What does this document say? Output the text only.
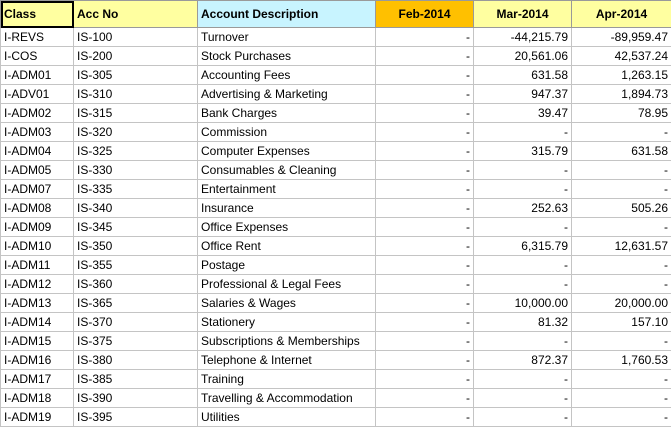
Class	Acc No	Account Description	Feb-2014	Mar-2014	Apr-2014
I-REVS	IS-100	Turnover	-	-44,215.79	-89,959.47
I-COS	IS-200	Stock Purchases	-	20,561.06	42,537.24
I-ADM01	IS-305	Accounting Fees	-	631.58	1,263.15
I-ADV01	IS-310	Advertising & Marketing	-	947.37	1,894.73
I-ADM02	IS-315	Bank Charges	-	39.47	78.95
I-ADM03	IS-320	Commission	-	-	-
I-ADM04	IS-325	Computer Expenses	-	315.79	631.58
I-ADM05	IS-330	Consumables & Cleaning	-	-	-
I-ADM07	IS-335	Entertainment	-	-	-
I-ADM08	IS-340	Insurance	-	252.63	505.26
I-ADM09	IS-345	Office Expenses	-	-	-
I-ADM10	IS-350	Office Rent	-	6,315.79	12,631.57
I-ADM11	IS-355	Postage	-	-	-
I-ADM12	IS-360	Professional & Legal Fees	-	-	-
I-ADM13	IS-365	Salaries & Wages	-	10,000.00	20,000.00
I-ADM14	IS-370	Stationery	-	81.32	157.10
I-ADM15	IS-375	Subscriptions & Memberships	-	-	-
I-ADM16	IS-380	Telephone & Internet	-	872.37	1,760.53
I-ADM17	IS-385	Training	-	-	-
I-ADM18	IS-390	Travelling & Accommodation	-	-	-
I-ADM19	IS-395	Utilities	-	-	-
